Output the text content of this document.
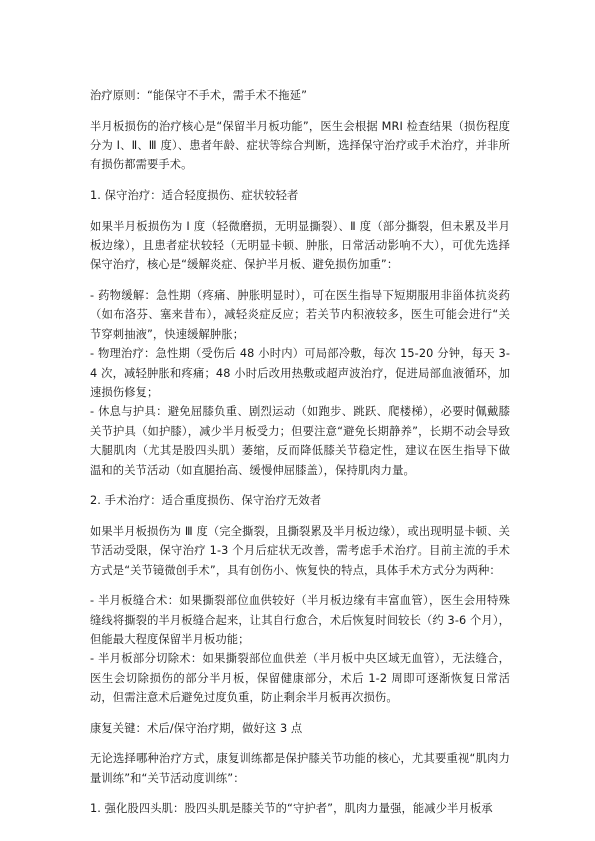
治疗原则：“能保守不手术，需手术不拖延”

半月板损伤的治疗核心是“保留半月板功能”，医生会根据 MRI 检查结果（损伤程度分为 Ⅰ、Ⅱ、Ⅲ 度）、患者年龄、症状等综合判断，选择保守治疗或手术治疗，并非所有损伤都需要手术。

1. 保守治疗：适合轻度损伤、症状较轻者

如果半月板损伤为 Ⅰ 度（轻微磨损，无明显撕裂）、Ⅱ 度（部分撕裂，但未累及半月板边缘），且患者症状较轻（无明显卡顿、肿胀，日常活动影响不大），可优先选择保守治疗，核心是“缓解炎症、保护半月板、避免损伤加重”：

- 药物缓解：急性期（疼痛、肿胀明显时），可在医生指导下短期服用非甾体抗炎药（如布洛芬、塞来昔布），减轻炎症反应；若关节内积液较多，医生可能会进行“关节穿刺抽液”，快速缓解肿胀；

- 物理治疗：急性期（受伤后 48 小时内）可局部冷敷，每次 15-20 分钟，每天 3-4 次，减轻肿胀和疼痛；48 小时后改用热敷或超声波治疗，促进局部血液循环，加速损伤修复；

- 休息与护具：避免屈膝负重、剧烈运动（如跑步、跳跃、爬楼梯），必要时佩戴膝关节护具（如护膝），减少半月板受力；但要注意“避免长期静养”，长期不动会导致大腿肌肉（尤其是股四头肌）萎缩，反而降低膝关节稳定性，建议在医生指导下做温和的关节活动（如直腿抬高、缓慢伸屈膝盖），保持肌肉力量。

2. 手术治疗：适合重度损伤、保守治疗无效者

如果半月板损伤为 Ⅲ 度（完全撕裂，且撕裂累及半月板边缘），或出现明显卡顿、关节活动受限，保守治疗 1-3 个月后症状无改善，需考虑手术治疗。目前主流的手术方式是“关节镜微创手术”，具有创伤小、恢复快的特点，具体手术方式分为两种：

- 半月板缝合术：如果撕裂部位血供较好（半月板边缘有丰富血管），医生会用特殊缝线将撕裂的半月板缝合起来，让其自行愈合，术后恢复时间较长（约 3-6 个月），但能最大程度保留半月板功能；

- 半月板部分切除术：如果撕裂部位血供差（半月板中央区域无血管），无法缝合，医生会切除损伤的部分半月板，保留健康部分，术后 1-2 周即可逐渐恢复日常活动，但需注意术后避免过度负重，防止剩余半月板再次损伤。

康复关键：术后/保守治疗期，做好这 3 点

无论选择哪种治疗方式，康复训练都是保护膝关节功能的核心，尤其要重视“肌肉力量训练”和“关节活动度训练”：

1. 强化股四头肌：股四头肌是膝关节的“守护者”，肌肉力量强，能减少半月板承
